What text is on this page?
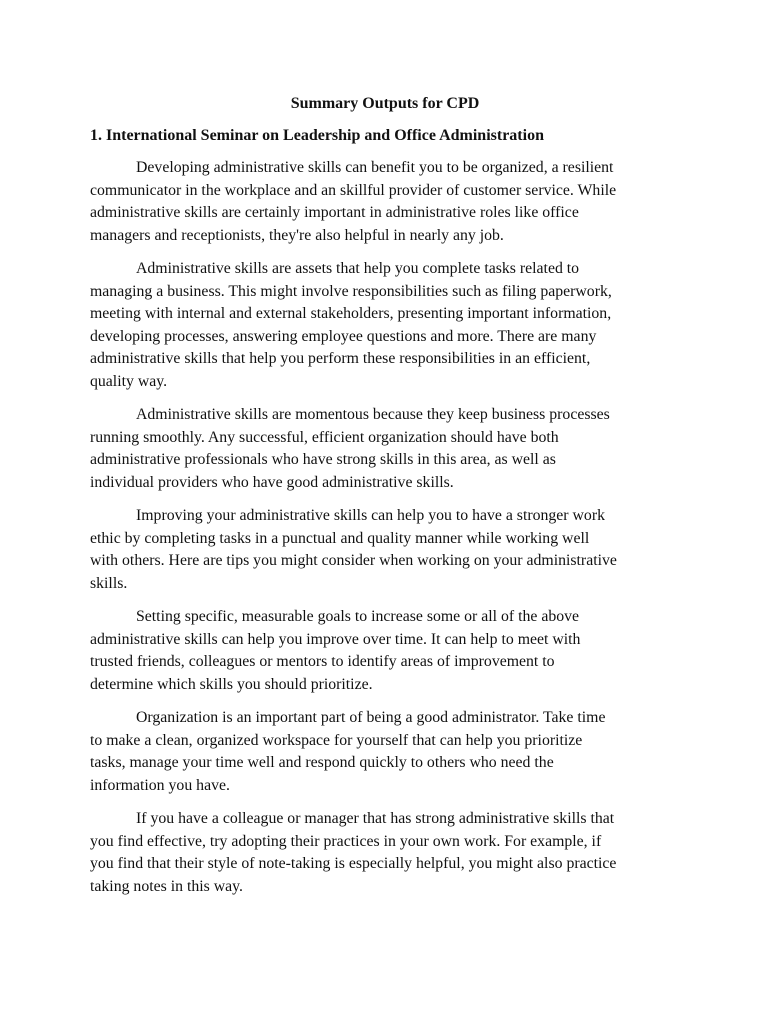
Summary Outputs for CPD
1. International Seminar on Leadership and Office Administration
Developing administrative skills can benefit you to be organized, a resilient
communicator in the workplace and an skillful provider of customer service. While
administrative skills are certainly important in administrative roles like office
managers and receptionists, they're also helpful in nearly any job.
Administrative skills are assets that help you complete tasks related to
managing a business. This might involve responsibilities such as filing paperwork,
meeting with internal and external stakeholders, presenting important information,
developing processes, answering employee questions and more. There are many
administrative skills that help you perform these responsibilities in an efficient,
quality way.
Administrative skills are momentous because they keep business processes
running smoothly. Any successful, efficient organization should have both
administrative professionals who have strong skills in this area, as well as
individual providers who have good administrative skills.
Improving your administrative skills can help you to have a stronger work
ethic by completing tasks in a punctual and quality manner while working well
with others. Here are tips you might consider when working on your administrative
skills.
Setting specific, measurable goals to increase some or all of the above
administrative skills can help you improve over time. It can help to meet with
trusted friends, colleagues or mentors to identify areas of improvement to
determine which skills you should prioritize.
Organization is an important part of being a good administrator. Take time
to make a clean, organized workspace for yourself that can help you prioritize
tasks, manage your time well and respond quickly to others who need the
information you have.
If you have a colleague or manager that has strong administrative skills that
you find effective, try adopting their practices in your own work. For example, if
you find that their style of note-taking is especially helpful, you might also practice
taking notes in this way.
